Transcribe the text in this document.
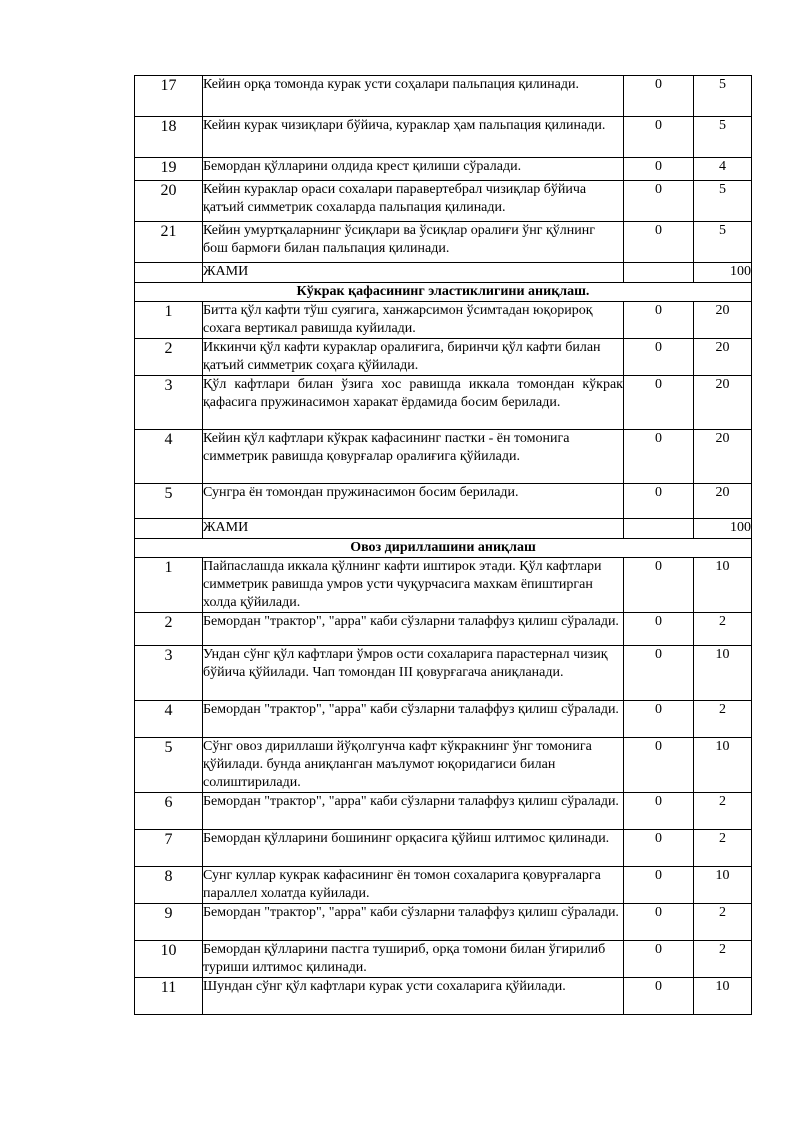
17	Кейин орқа томонда курак усти соҳалари пальпация қилинади.	0	5
18	Кейин курак чизиқлари бўйича, кураклар ҳам пальпация қилинади.	0	5
19	Бемордан қўлларини олдида крест қилиши сўралади.	0	4
20	Кейин кураклар ораси сохалари паравертебрал чизиқлар бўйича қатъий симметрик сохаларда пальпация қилинади.	0	5
21	Кейин умуртқаларнинг ўсиқлари ва ўсиқлар оралиғи ўнг қўлнинг бош бармоғи билан пальпация қилинади.	0	5
	ЖАМИ		100
Кўкрак қафасининг эластиклигини аниқлаш.			
1	Битта қўл кафти тўш суягига, ханжарсимон ўсимтадан юқорироқ сохага вертикал равишда куйилади.	0	20
2	Иккинчи қўл кафти кураклар оралиғига, биринчи қўл кафти билан қатъий симметрик соҳага қўйилади.	0	20
3	Қўл кафтлари билан ўзига хос равишда иккала томондан кўкрак қафасига пружинасимон харакат ёрдамида босим берилади.	0	20
4	Кейин қўл кафтлари кўкрак кафасининг пастки - ён томонига симметрик равишда қовурғалар оралиғига қўйилади.	0	20
5	Сунгра ён томондан пружинасимон босим берилади.	0	20
	ЖАМИ		100
Овоз дириллашини аниқлаш			
1	Пайпаслашда иккала қўлнинг кафти иштирок этади. Қўл кафтлари симметрик равишда умров усти чуқурчасига махкам ёпиштирган холда қўйилади.	0	10
2	Бемордан "трактор", "арра" каби сўзларни талаффуз қилиш сўралади.	0	2
3	Ундан сўнг қўл кафтлари ўмров ости сохаларига парастернал чизиқ бўйича қўйилади. Чап томондан III қовурғагача аниқланади.	0	10
4	Бемордан "трактор", "арра" каби сўзларни талаффуз қилиш сўралади.	0	2
5	Сўнг овоз дириллаши йўқолгунча кафт кўкракнинг ўнг томонига қўйилади. бунда аниқланган маълумот юқоридагиси билан солиштирилади.	0	10
6	Бемордан "трактор", "арра" каби сўзларни талаффуз қилиш сўралади.	0	2
7	Бемордан қўлларини бошининг орқасига қўйиш илтимос қилинади.	0	2
8	Сунг куллар кукрак кафасининг ён томон сохаларига қовурғаларга параллел холатда куйилади.	0	10
9	Бемордан "трактор", "арра" каби сўзларни талаффуз қилиш сўралади.	0	2
10	Бемордан қўлларини пастга тушириб, орқа томони билан ўгирилиб туриши илтимос қилинади.	0	2
11	Шундан сўнг қўл кафтлари курак усти сохаларига қўйилади.	0	10
